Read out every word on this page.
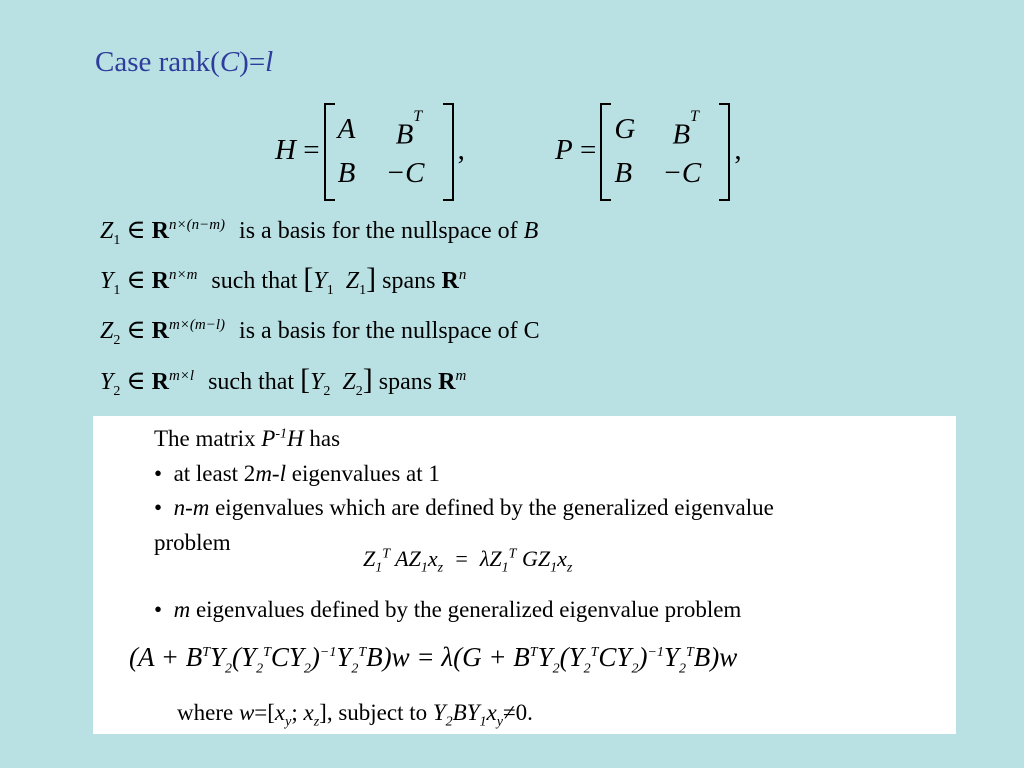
Case rank(C)=l
H =
A $B^T$
B −C
,	P =
G $B^T$
B −C
,
$Z_1$ ∈ $R^{n\times(n-m)}$ is a basis for the nullspace of B
$Y_1$ ∈ $R^{n\times m}$ such that [$Y_1$ $Z_1$] spans $R^n$
$Z_2$ ∈ $R^{m\times(m-l)}$ is a basis for the nullspace of C
$Y_2$ ∈ $R^{m\times l}$ such that [$Y_2$ $Z_2$] spans $R^m$
The matrix $P^{-1}H$ has
• at least 2m-l eigenvalues at 1
• n-m eigenvalues which are defined by the generalized eigenvalue
problem
$Z_1^T$ $AZ_1x_z = \lambda Z_1^T$ $GZ_1x_z$
• m eigenvalues defined by the generalized eigenvalue problem
$(A + B^TY_2(Y_2^TCY_2)^{-1}Y_2^TB)w = \lambda(G + B^TY_2(Y_2^TCY_2)^{-1}Y_2^TB)w$
where $w=[x_y$; $x_z$], subject to $Y_2BY_1x_y\ne 0$.
